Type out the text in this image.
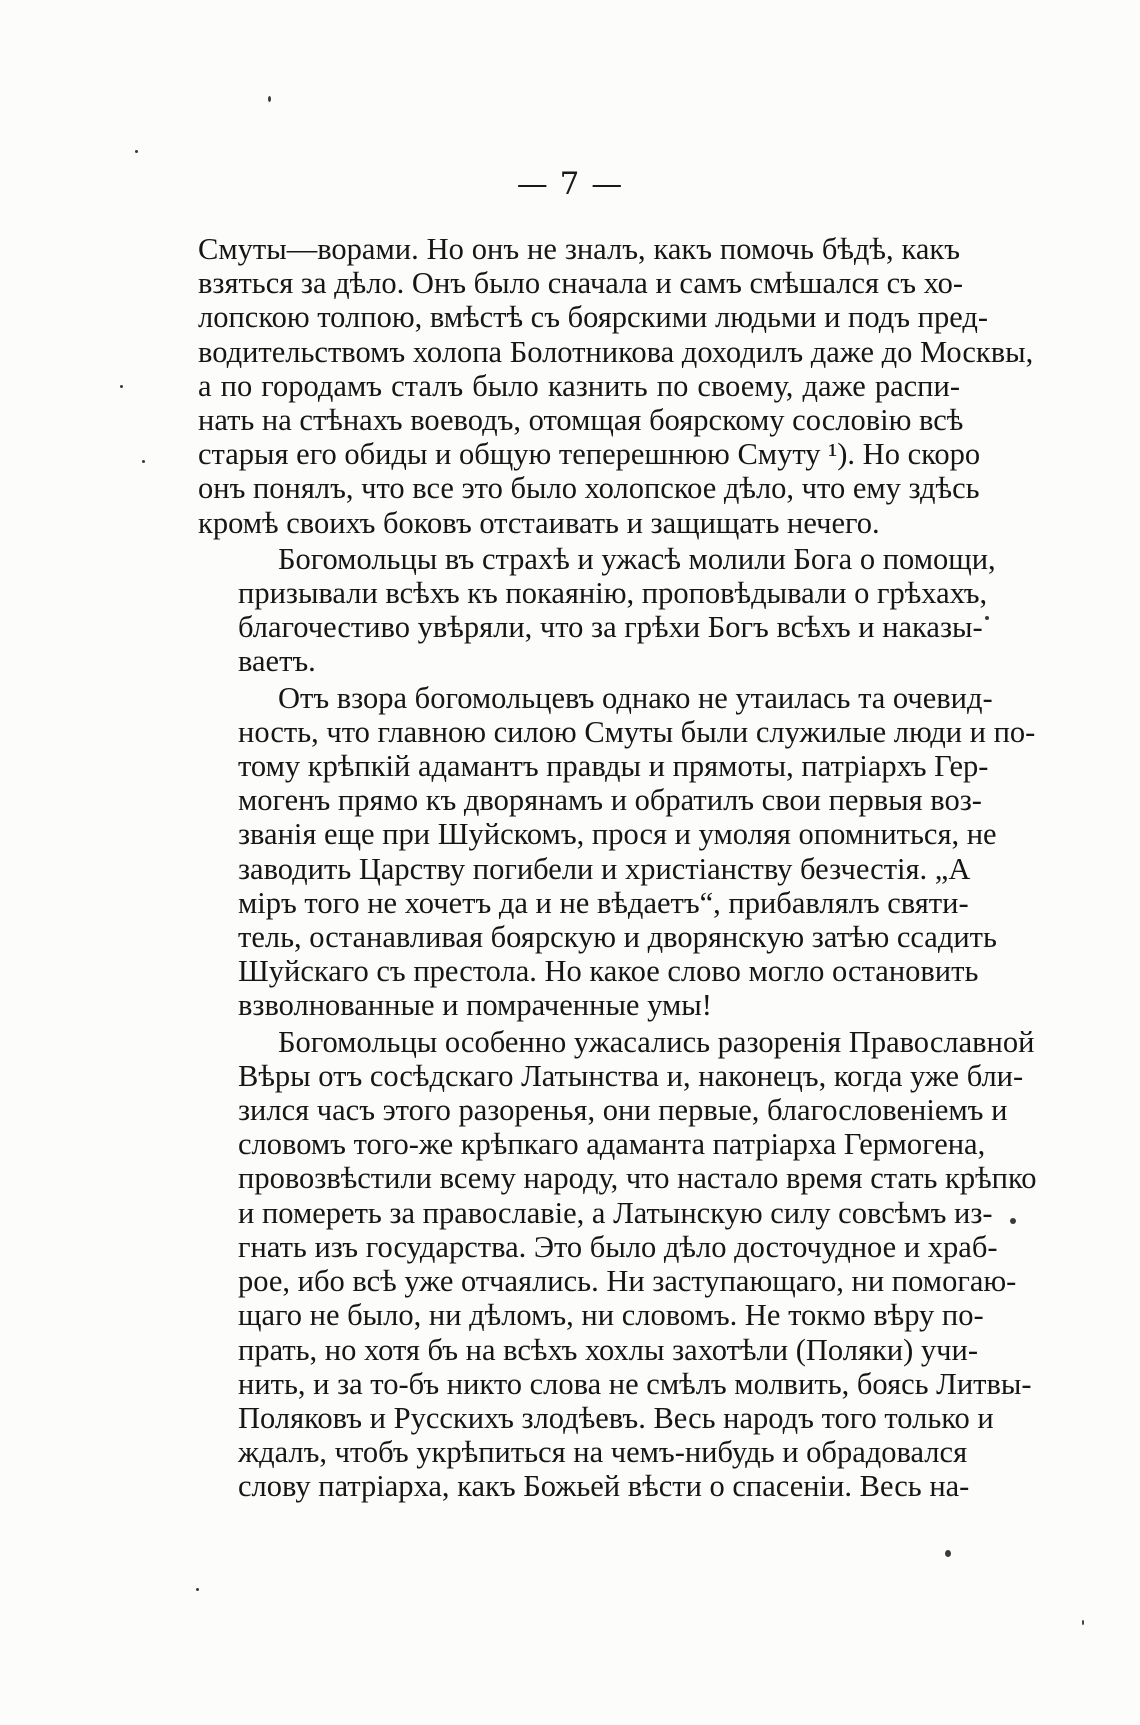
— 7 —

Смуты—ворами. Но онъ не зналъ, какъ помочь бѣдѣ, какъ
взяться за дѣло. Онъ было сначала и самъ смѣшался съ хо-
лопскою толпою, вмѣстѣ съ боярскими людьми и подъ пред-
водительствомъ холопа Болотникова доходилъ даже до Москвы,
а по городамъ сталъ было казнить по своему, даже распи-
нать на стѣнахъ воеводъ, отомщая боярскому сословію всѣ
старыя его обиды и общую теперешнюю Смуту ¹). Но скоро
онъ понялъ, что все это было холопское дѣло, что ему здѣсь
кромѣ своихъ боковъ отстаивать и защищать нечего.

Богомольцы въ страхѣ и ужасѣ молили Бога о помощи,
призывали всѣхъ къ покаянію, проповѣдывали о грѣхахъ,
благочестиво увѣряли, что за грѣхи Богъ всѣхъ и наказы-
ваетъ.

Отъ взора богомольцевъ однако не утаилась та очевид-
ность, что главною силою Смуты были служилые люди и по-
тому крѣпкій адамантъ правды и прямоты, патріархъ Гер-
могенъ прямо къ дворянамъ и обратилъ свои первыя воз-
званія еще при Шуйскомъ, прося и умоляя опомниться, не
заводить Царству погибели и христіанству безчестія. „А
міръ того не хочетъ да и не вѣдаетъ“, прибавлялъ святи-
тель, останавливая боярскую и дворянскую затѣю ссадить
Шуйскаго съ престола. Но какое слово могло остановить
взволнованные и помраченные умы!

Богомольцы особенно ужасались разоренія Православной
Вѣры отъ сосѣдскаго Латынства и, наконецъ, когда уже бли-
зился часъ этого разоренья, они первые, благословеніемъ и
словомъ того-же крѣпкаго адаманта патріарха Гермогена,
провозвѣстили всему народу, что настало время стать крѣпко
и помереть за православіе, а Латынскую силу совсѣмъ из-
гнать изъ государства. Это было дѣло досточудное и храб-
рое, ибо всѣ уже отчаялись. Ни заступающаго, ни помогаю-
щаго не было, ни дѣломъ, ни словомъ. Не токмо вѣру по-
прать, но хотя бъ на всѣхъ хохлы захотѣли (Поляки) учи-
нить, и за то-бъ никто слова не смѣлъ молвить, боясь Литвы-
Поляковъ и Русскихъ злодѣевъ. Весь народъ того только и
ждалъ, чтобъ укрѣпиться на чемъ-нибудь и обрадовался
слову патріарха, какъ Божьей вѣсти о спасеніи. Весь на-
